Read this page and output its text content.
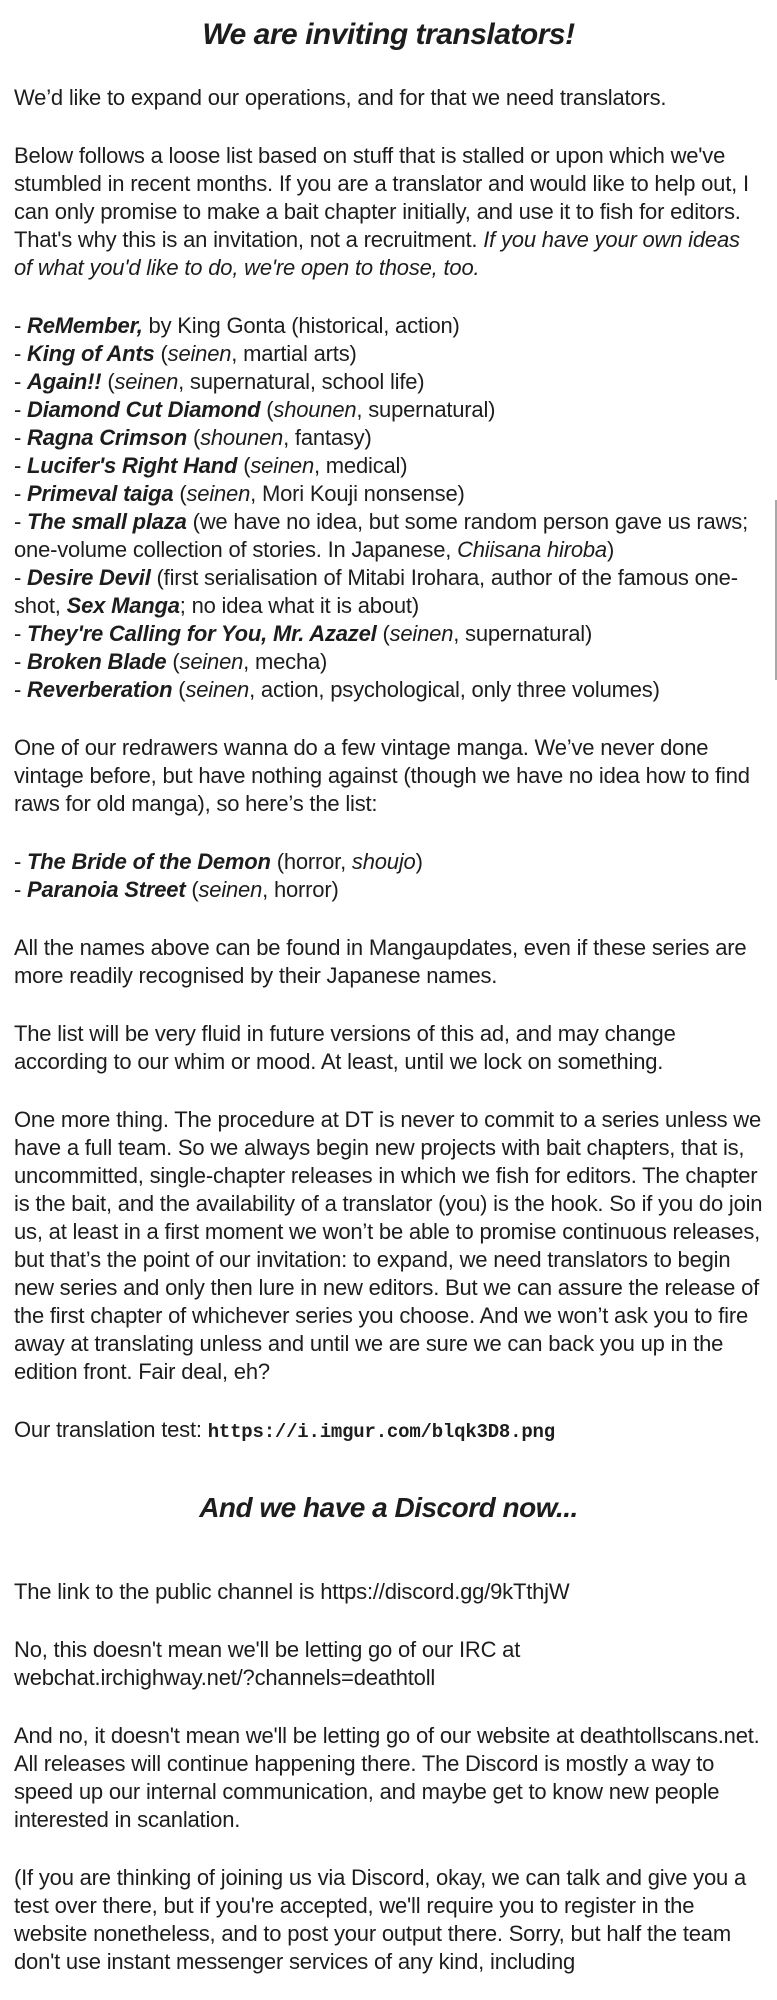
We are inviting translators!

We’d like to expand our operations, and for that we need translators.

Below follows a loose list based on stuff that is stalled or upon which we've stumbled in recent months. If you are a translator and would like to help out, I can only promise to make a bait chapter initially, and use it to fish for editors. That's why this is an invitation, not a recruitment. If you have your own ideas of what you'd like to do, we're open to those, too.

- ReMember, by King Gonta (historical, action)

- King of Ants (seinen, martial arts)

- Again!! (seinen, supernatural, school life)

- Diamond Cut Diamond (shounen, supernatural)

- Ragna Crimson (shounen, fantasy)

- Lucifer's Right Hand (seinen, medical)

- Primeval taiga (seinen, Mori Kouji nonsense)

- The small plaza (we have no idea, but some random person gave us raws; one-volume collection of stories. In Japanese, Chiisana hiroba)

- Desire Devil (first serialisation of Mitabi Irohara, author of the famous one-shot, Sex Manga; no idea what it is about)

- They're Calling for You, Mr. Azazel (seinen, supernatural)

- Broken Blade (seinen, mecha)

- Reverberation (seinen, action, psychological, only three volumes)

One of our redrawers wanna do a few vintage manga. We’ve never done vintage before, but have nothing against (though we have no idea how to find raws for old manga), so here’s the list:

- The Bride of the Demon (horror, shoujo)

- Paranoia Street (seinen, horror)

All the names above can be found in Mangaupdates, even if these series are more readily recognised by their Japanese names.

The list will be very fluid in future versions of this ad, and may change according to our whim or mood. At least, until we lock on something.

One more thing. The procedure at DT is never to commit to a series unless we have a full team. So we always begin new projects with bait chapters, that is, uncommitted, single-chapter releases in which we fish for editors. The chapter is the bait, and the availability of a translator (you) is the hook. So if you do join us, at least in a first moment we won’t be able to promise continuous releases, but that’s the point of our invitation: to expand, we need translators to begin new series and only then lure in new editors. But we can assure the release of the first chapter of whichever series you choose. And we won’t ask you to fire away at translating unless and until we are sure we can back you up in the edition front. Fair deal, eh?

Our translation test: https://i.imgur.com/blqk3D8.png

And we have a Discord now...

The link to the public channel is https://discord.gg/9kTthjW

No, this doesn't mean we'll be letting go of our IRC at webchat.irchighway.net/?channels=deathtoll

And no, it doesn't mean we'll be letting go of our website at deathtollscans.net. All releases will continue happening there. The Discord is mostly a way to speed up our internal communication, and maybe get to know new people interested in scanlation.

(If you are thinking of joining us via Discord, okay, we can talk and give you a test over there, but if you're accepted, we'll require you to register in the website nonetheless, and to post your output there. Sorry, but half the team don't use instant messenger services of any kind, including
